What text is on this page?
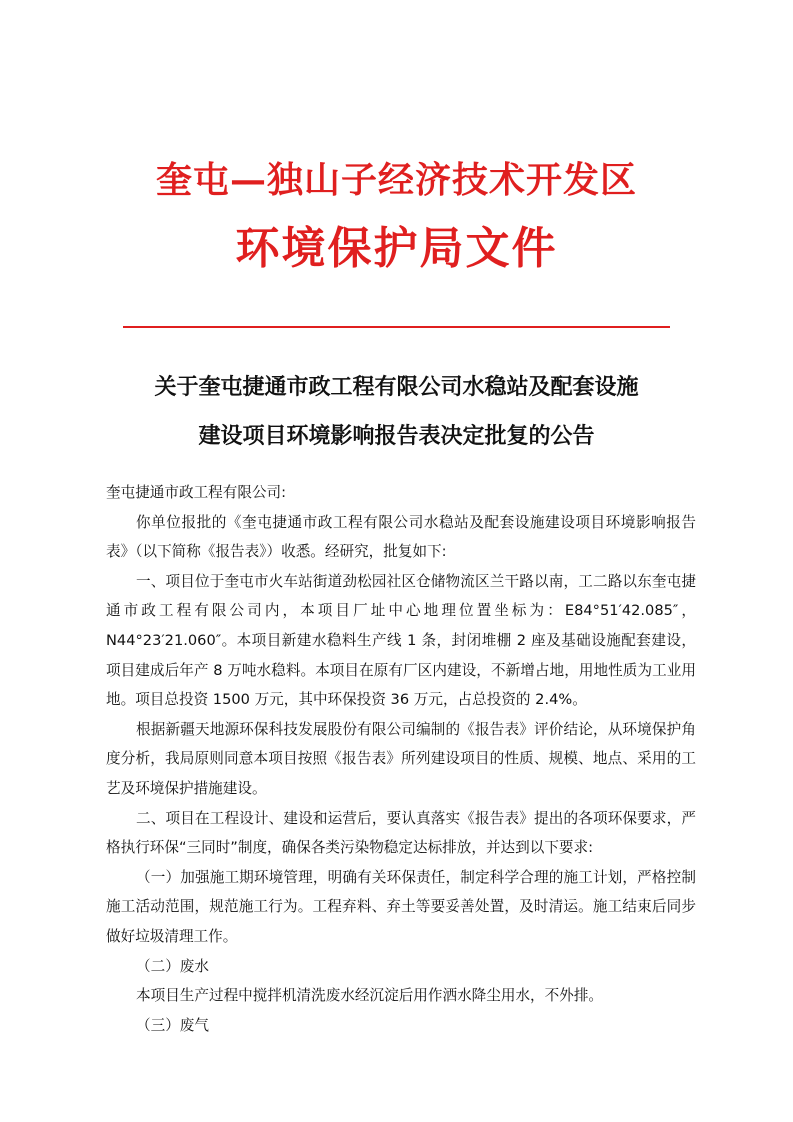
奎屯—独山子经济技术开发区
环境保护局文件
关于奎屯捷通市政工程有限公司水稳站及配套设施
建设项目环境影响报告表决定批复的公告

奎屯捷通市政工程有限公司:

你单位报批的《奎屯捷通市政工程有限公司水稳站及配套设施建设项目环境影响报告表》（以下简称《报告表》）收悉。经研究，批复如下:

一、项目位于奎屯市火车站街道劲松园社区仓储物流区兰干路以南，工二路以东奎屯捷通市政工程有限公司内，本项目厂址中心地理位置坐标为：E84°51′42.085″，N44°23′21.060″。本项目新建水稳料生产线 1 条，封闭堆棚 2 座及基础设施配套建设，项目建成后年产 8 万吨水稳料。本项目在原有厂区内建设，不新增占地，用地性质为工业用地。项目总投资 1500 万元，其中环保投资 36 万元，占总投资的 2.4%。

根据新疆天地源环保科技发展股份有限公司编制的《报告表》评价结论，从环境保护角度分析，我局原则同意本项目按照《报告表》所列建设项目的性质、规模、地点、采用的工艺及环境保护措施建设。

二、项目在工程设计、建设和运营后，要认真落实《报告表》提出的各项环保要求，严格执行环保“三同时”制度，确保各类污染物稳定达标排放，并达到以下要求:

（一）加强施工期环境管理，明确有关环保责任，制定科学合理的施工计划，严格控制施工活动范围，规范施工行为。工程弃料、弃土等要妥善处置，及时清运。施工结束后同步做好垃圾清理工作。

（二）废水

本项目生产过程中搅拌机清洗废水经沉淀后用作洒水降尘用水，不外排。

（三）废气
